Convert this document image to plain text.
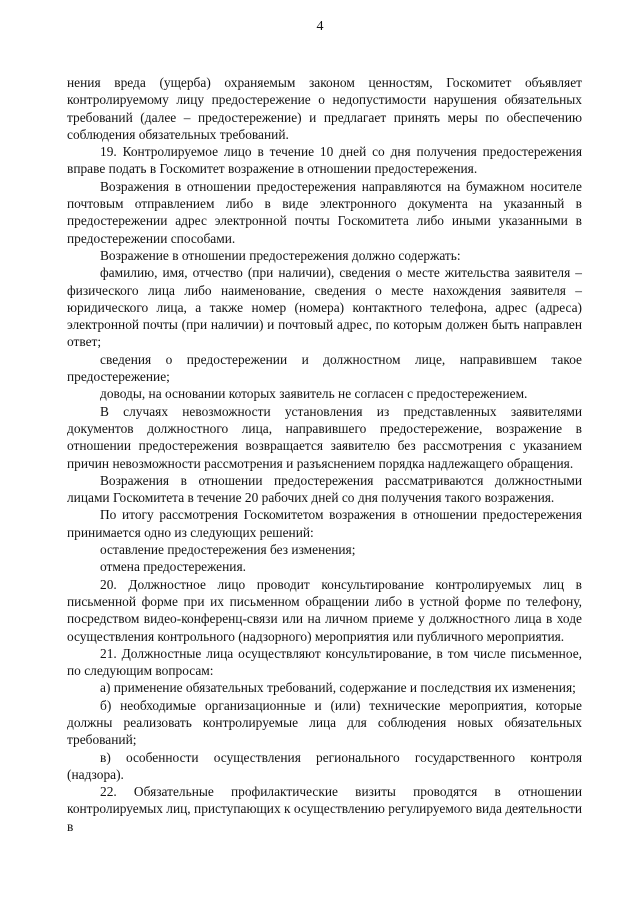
4

нения вреда (ущерба) охраняемым законом ценностям, Госкомитет объявляет контролируемому лицу предостережение о недопустимости нарушения обязательных требований (далее – предостережение) и предлагает принять меры по обеспечению соблюдения обязательных требований.

19. Контролируемое лицо в течение 10 дней со дня получения предостережения вправе подать в Госкомитет возражение в отношении предостережения.

Возражения в отношении предостережения направляются на бумажном носителе почтовым отправлением либо в виде электронного документа на указанный в предостережении адрес электронной почты Госкомитета либо иными указанными в предостережении способами.

Возражение в отношении предостережения должно содержать:

фамилию, имя, отчество (при наличии), сведения о месте жительства заявителя – физического лица либо наименование, сведения о месте нахождения заявителя – юридического лица, а также номер (номера) контактного телефона, адрес (адреса) электронной почты (при наличии) и почтовый адрес, по которым должен быть направлен ответ;

сведения о предостережении и должностном лице, направившем такое предостережение;

доводы, на основании которых заявитель не согласен с предостережением.

В случаях невозможности установления из представленных заявителями документов должностного лица, направившего предостережение, возражение в отношении предостережения возвращается заявителю без рассмотрения с указанием причин невозможности рассмотрения и разъяснением порядка надлежащего обращения.

Возражения в отношении предостережения рассматриваются должностными лицами Госкомитета в течение 20 рабочих дней со дня получения такого возражения.

По итогу рассмотрения Госкомитетом возражения в отношении предостережения принимается одно из следующих решений:

оставление предостережения без изменения;

отмена предостережения.

20. Должностное лицо проводит консультирование контролируемых лиц в письменной форме при их письменном обращении либо в устной форме по телефону, посредством видео-конференц-связи или на личном приеме у должностного лица в ходе осуществления контрольного (надзорного) мероприятия или публичного мероприятия.

21. Должностные лица осуществляют консультирование, в том числе письменное, по следующим вопросам:

а) применение обязательных требований, содержание и последствия их изменения;

б) необходимые организационные и (или) технические мероприятия, которые должны реализовать контролируемые лица для соблюдения новых обязательных требований;

в) особенности осуществления регионального государственного контроля (надзора).

22. Обязательные профилактические визиты проводятся в отношении контролируемых лиц, приступающих к осуществлению регулируемого вида деятельности в
